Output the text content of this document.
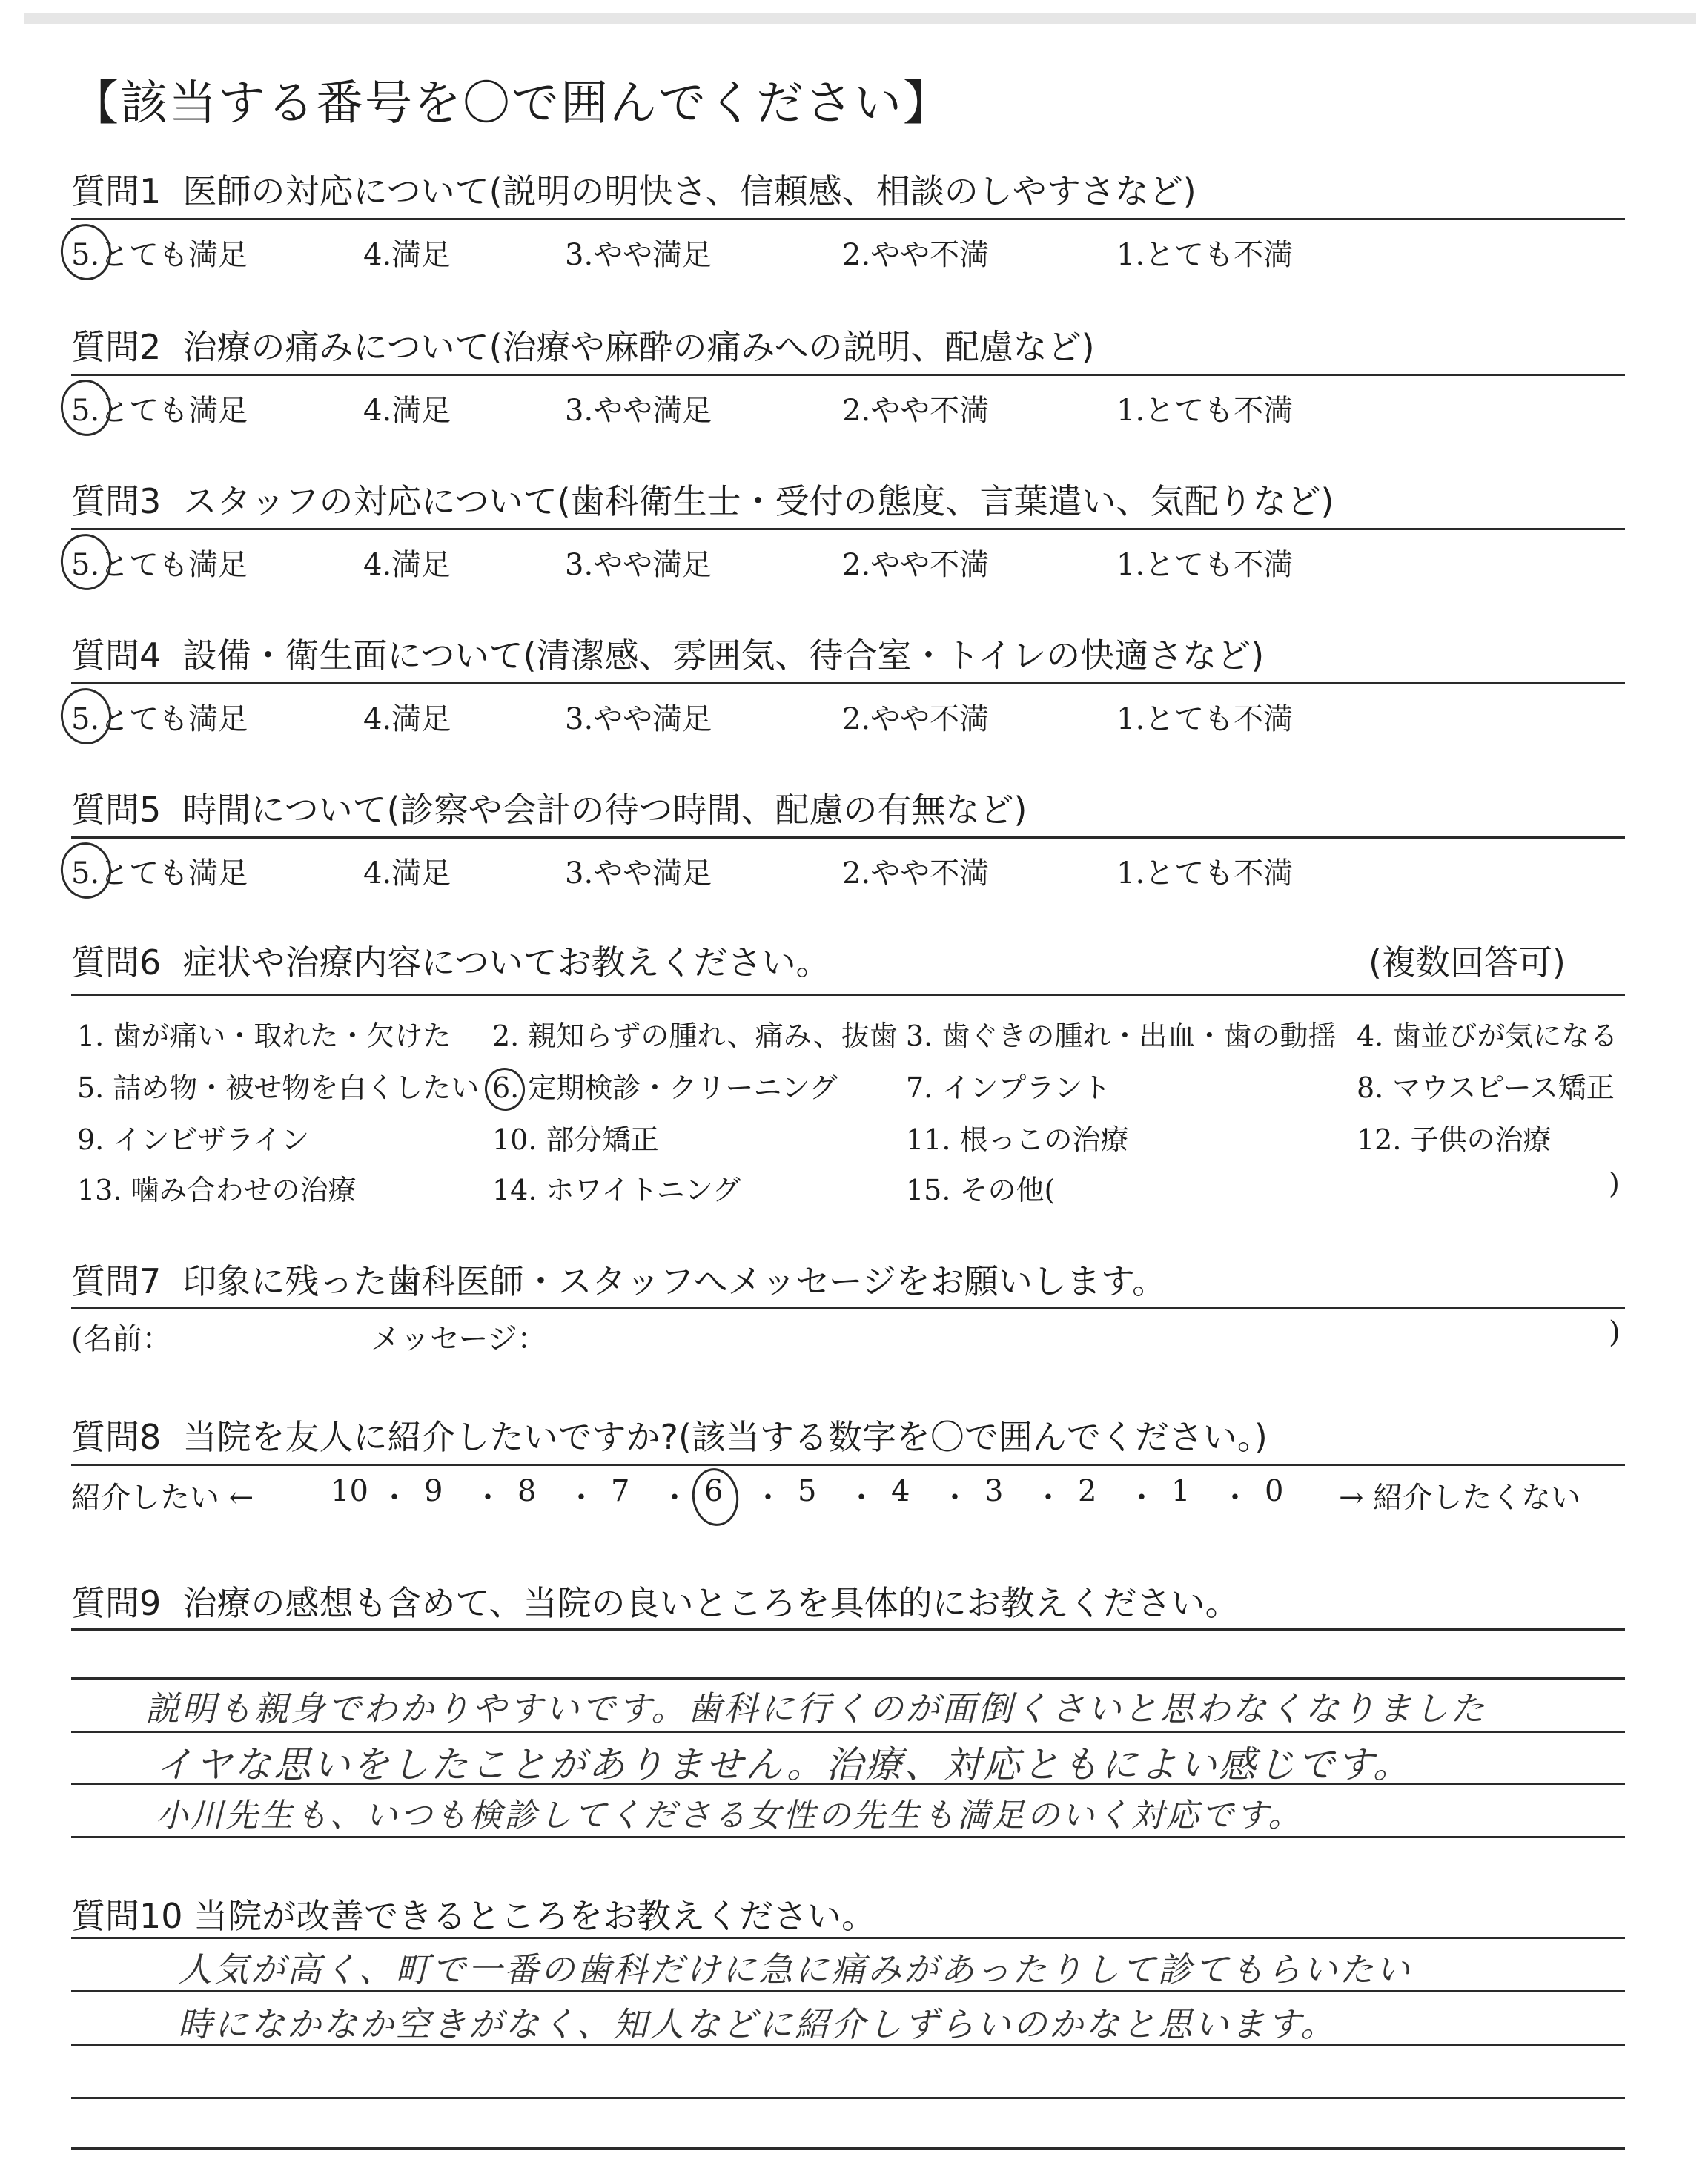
【該当する番号を〇で囲んでください】
質問1 医師の対応について(説明の明快さ、信頼感、相談のしやすさなど)
5.とても満足	4.満足	3.やや満足	2.やや不満	1.とても不満
質問2 治療の痛みについて(治療や麻酔の痛みへの説明、配慮など)
5.とても満足	4.満足	3.やや満足	2.やや不満	1.とても不満
質問3 スタッフの対応について(歯科衛生士・受付の態度、言葉遣い、気配りなど)
5.とても満足	4.満足	3.やや満足	2.やや不満	1.とても不満
質問4 設備・衛生面について(清潔感、雰囲気、待合室・トイレの快適さなど)
5.とても満足	4.満足	3.やや満足	2.やや不満	1.とても不満
質問5 時間について(診察や会計の待つ時間、配慮の有無など)
5.とても満足	4.満足	3.やや満足	2.やや不満	1.とても不満
質問6 症状や治療内容についてお教えください。	(複数回答可)
1. 歯が痛い・取れた・欠けた 2. 親知らずの腫れ、痛み、抜歯 3. 歯ぐきの腫れ・出血・歯の動揺 4. 歯並びが気になる
5. 詰め物・被せ物を白くしたい 6. 定期検診・クリーニング 7. インプラント	8. マウスピース矯正
9. インビザライン	10. 部分矯正	11. 根っこの治療	12. 子供の治療
13. 噛み合わせの治療	14. ホワイトニング	15. その他(	)
質問7 印象に残った歯科医師・スタッフへメッセージをお願いします。
(名前：	メッセージ：	)
質問8 当院を友人に紹介したいですか?(該当する数字を〇で囲んでください。)
紹介したい ←	→ 紹介したくない
10 ・ 9 ・ 8 ・ 7 ・ 6 ・ 5 ・ 4 ・ 3 ・ 2 ・ 1 ・ 0
質問9 治療の感想も含めて、当院の良いところを具体的にお教えください。
説明も親身でわかりやすいです。歯科に行くのが面倒くさいと思わなくなりました
イヤな思いをしたことがありません。治療、対応ともによい感じです。
小川先生も、いつも検診してくださる女性の先生も満足のいく対応です。
質問10 当院が改善できるところをお教えください。
人気が高く、町で一番の歯科だけに急に痛みがあったりして診てもらいたい
時になかなか空きがなく、知人などに紹介しずらいのかなと思います。
